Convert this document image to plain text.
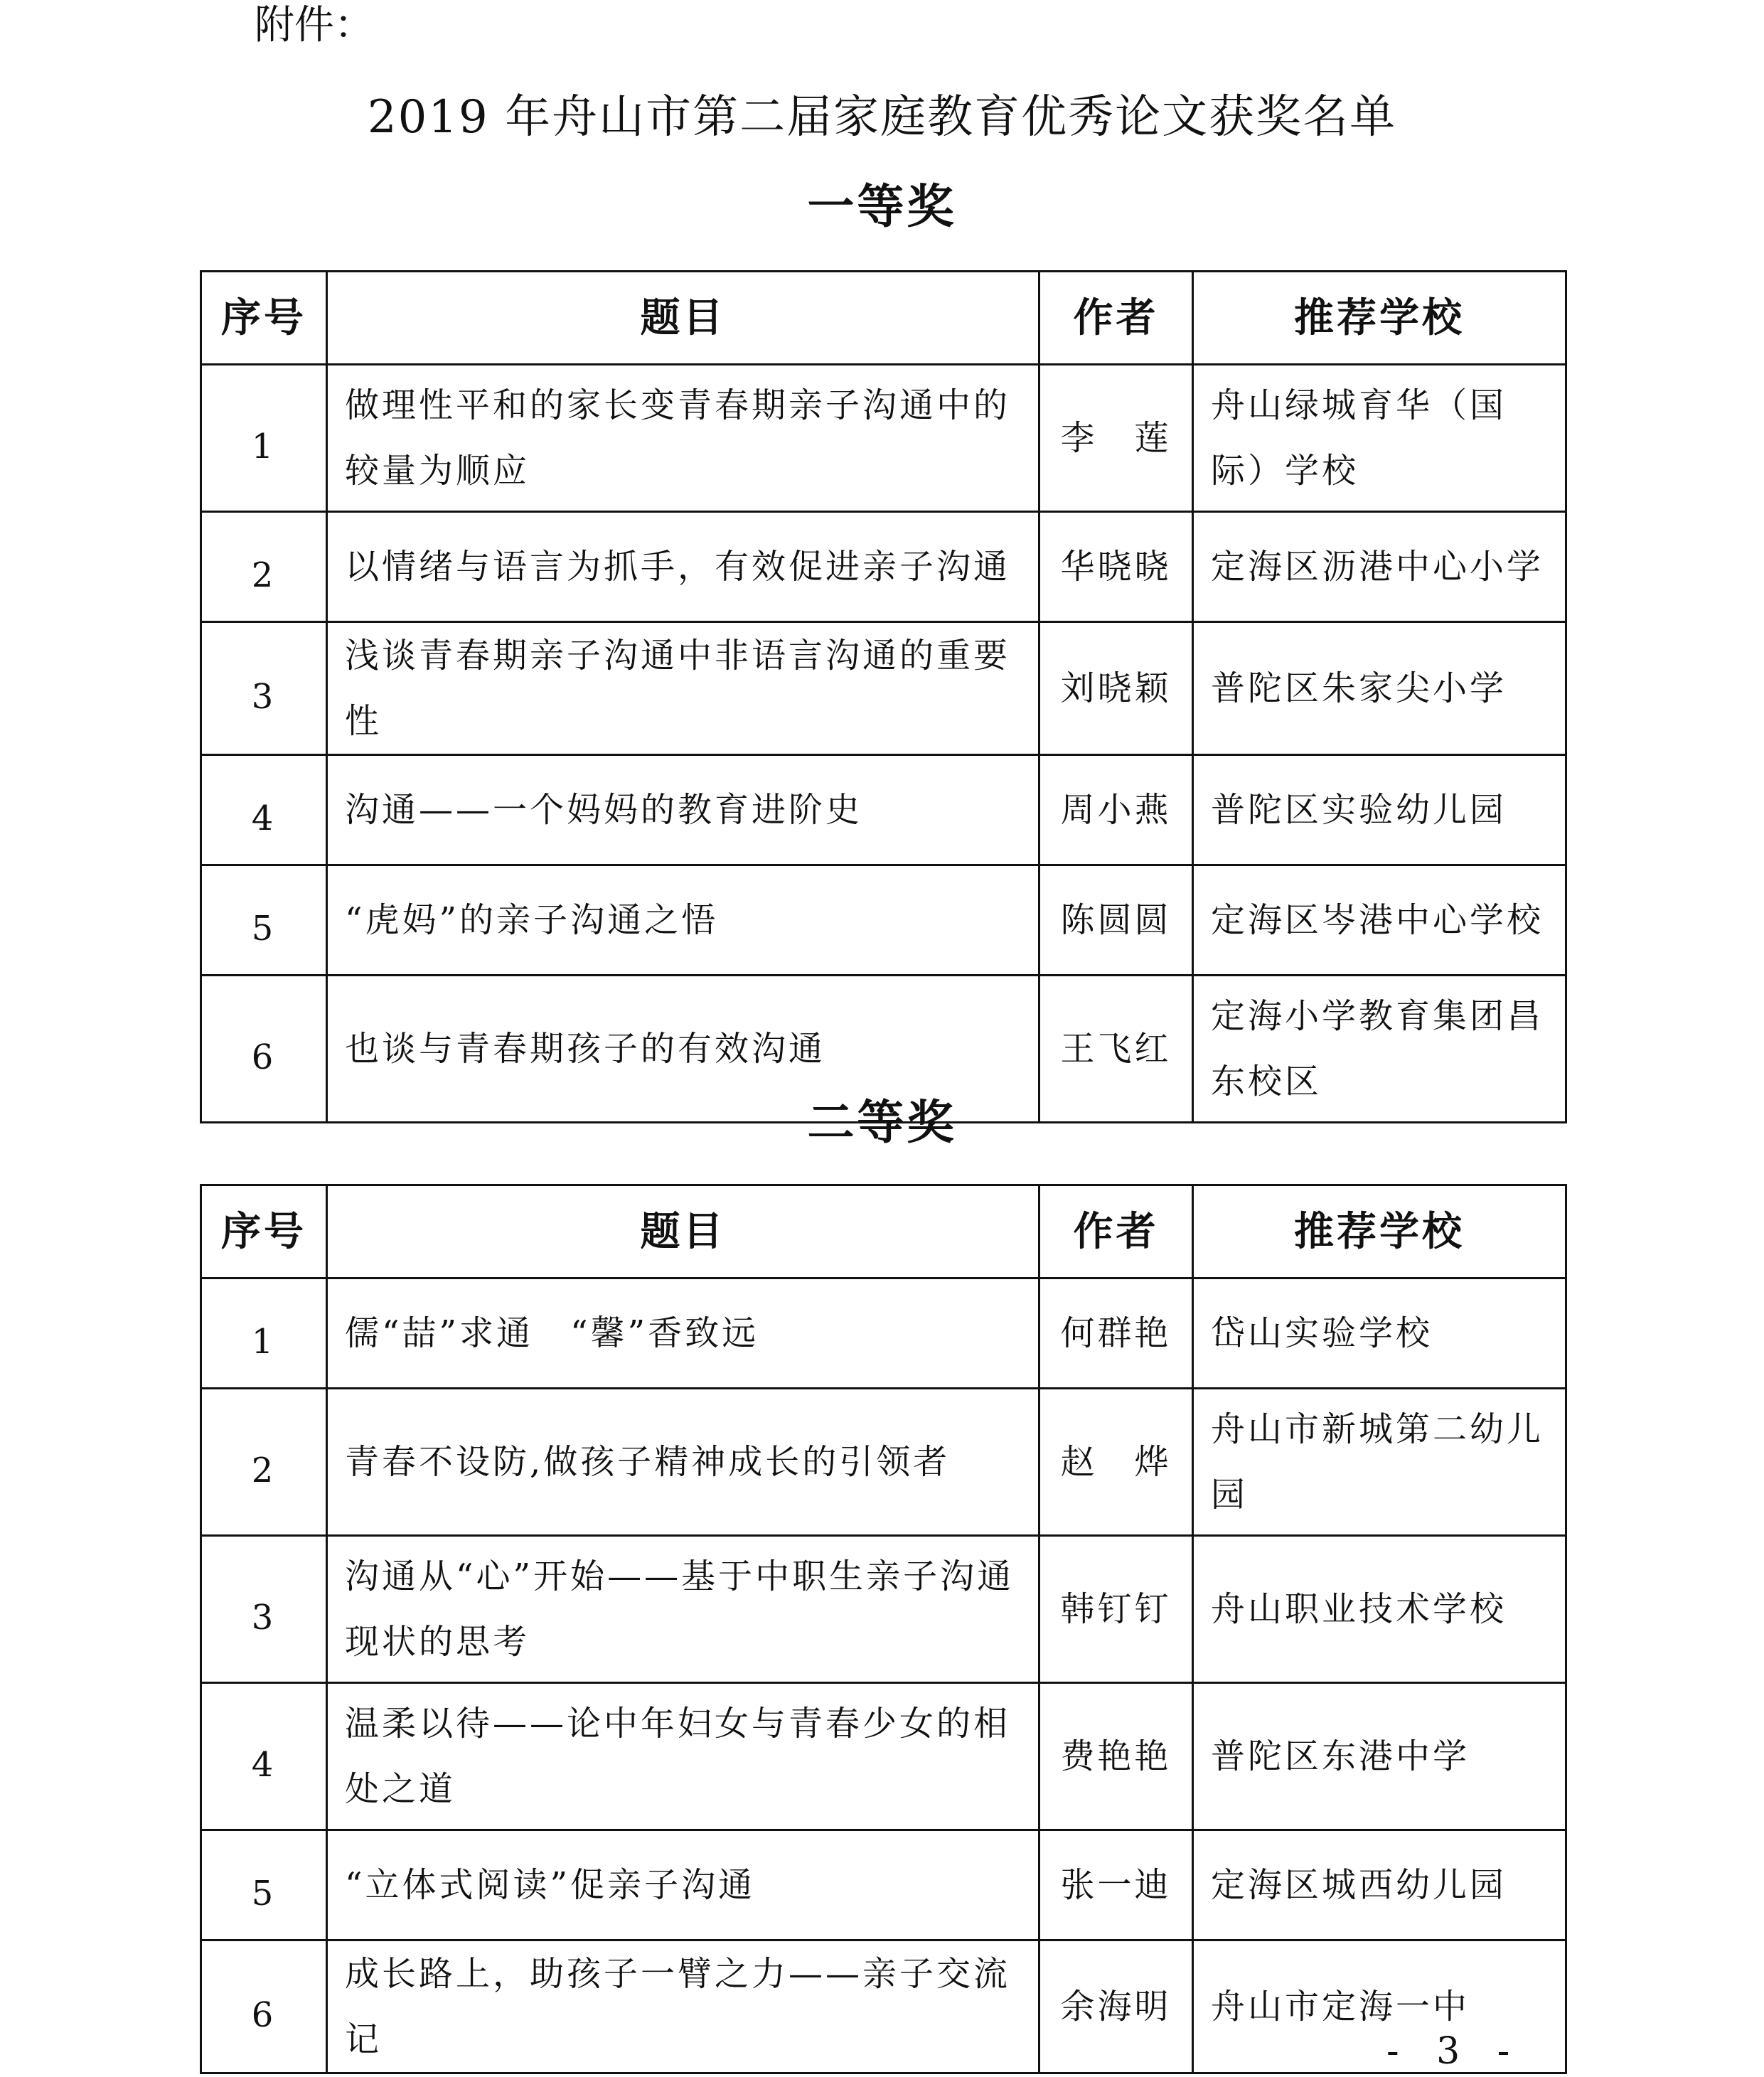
附件：
2019 年舟山市第二届家庭教育优秀论文获奖名单
一等奖
序号	题目	作者	推荐学校
1	做理性平和的家长变青春期亲子沟通中的较量为顺应	李　莲	舟山绿城育华（国际）学校
2	以情绪与语言为抓手，有效促进亲子沟通	华晓晓	定海区沥港中心小学
3	浅谈青春期亲子沟通中非语言沟通的重要性	刘晓颖	普陀区朱家尖小学
4	沟通——一个妈妈的教育进阶史	周小燕	普陀区实验幼儿园
5	“虎妈”的亲子沟通之悟	陈圆圆	定海区岑港中心学校
6	也谈与青春期孩子的有效沟通	王飞红	定海小学教育集团昌东校区
二等奖
序号	题目	作者	推荐学校
1	儒“喆”求通　“馨”香致远	何群艳	岱山实验学校
2	青春不设防,做孩子精神成长的引领者	赵　烨	舟山市新城第二幼儿园
3	沟通从“心”开始——基于中职生亲子沟通现状的思考	韩钉钉	舟山职业技术学校
4	温柔以待——论中年妇女与青春少女的相处之道	费艳艳	普陀区东港中学
5	“立体式阅读”促亲子沟通	张一迪	定海区城西幼儿园
6	成长路上，助孩子一臂之力——亲子交流记	余海明	舟山市定海一中
- 3 -
